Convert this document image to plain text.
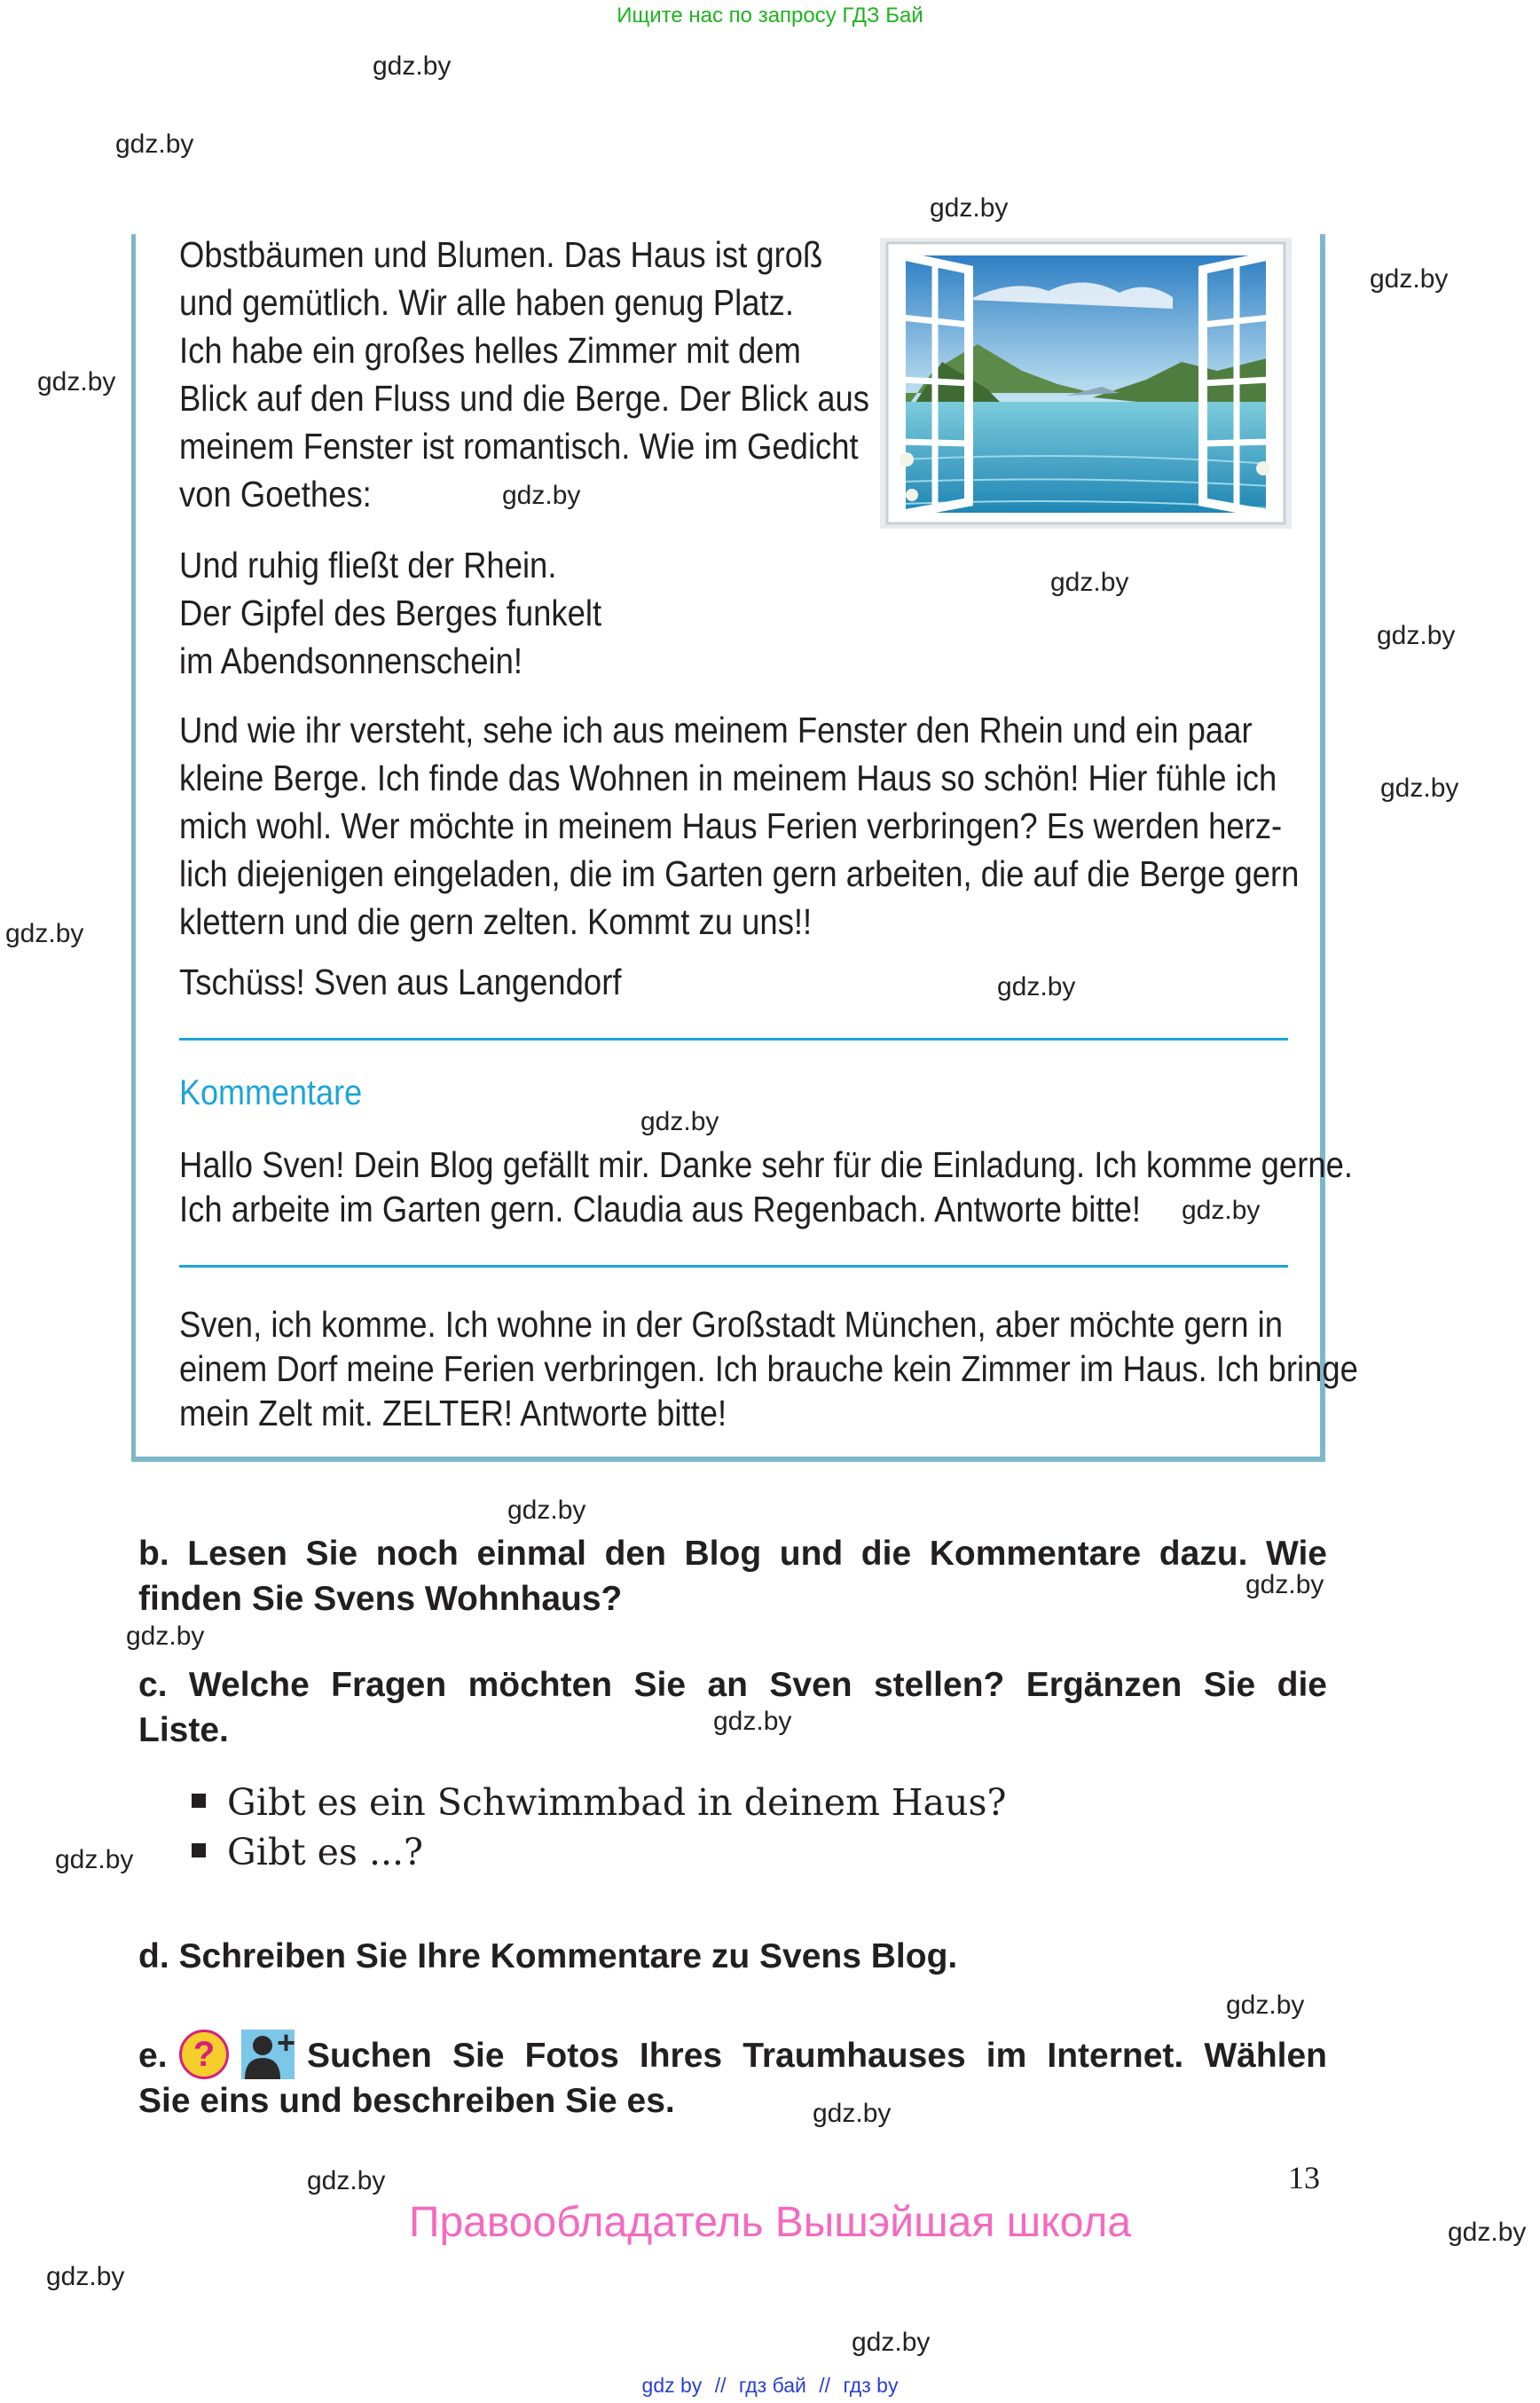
Ищите нас по запросу ГДЗ Бай
gdz.by
gdz.by
gdz.by
gdz.by
gdz.by
gdz.by
gdz.by
gdz.by
gdz.by
gdz.by
gdz.by
gdz.by
gdz.by
gdz.by
gdz.by
gdz.by
gdz.by
gdz.by
gdz.by
gdz.by
gdz.by
gdz.by
gdz.by
gdz.by
Obstbäumen und Blumen. Das Haus ist groß
und gemütlich. Wir alle haben genug Platz.
Ich habe ein großes helles Zimmer mit dem
Blick auf den Fluss und die Berge. Der Blick aus
meinem Fenster ist romantisch. Wie im Gedicht
von Goethes:
Und ruhig fließt der Rhein.
Der Gipfel des Berges funkelt
im Abendsonnenschein!
Und wie ihr versteht, sehe ich aus meinem Fenster den Rhein und ein paar
kleine Berge. Ich finde das Wohnen in meinem Haus so schön! Hier fühle ich
mich wohl. Wer möchte in meinem Haus Ferien verbringen? Es werden herz-
lich diejenigen eingeladen, die im Garten gern arbeiten, die auf die Berge gern
klettern und die gern zelten. Kommt zu uns!!
Tschüss! Sven aus Langendorf
Kommentare
Hallo Sven! Dein Blog gefällt mir. Danke sehr für die Einladung. Ich komme gerne.
Ich arbeite im Garten gern. Claudia aus Regenbach. Antworte bitte!
Sven, ich komme. Ich wohne in der Großstadt München, aber möchte gern in
einem Dorf meine Ferien verbringen. Ich brauche kein Zimmer im Haus. Ich bringe
mein Zelt mit. ZELTER! Antworte bitte!
b. Lesen Sie noch einmal den Blog und die Kommentare dazu. Wie
finden Sie Svens Wohnhaus?
c. Welche Fragen möchten Sie an Sven stellen? Ergänzen Sie die
Liste.
Gibt es ein Schwimmbad in deinem Haus?
Gibt es ...?
d. Schreiben Sie Ihre Kommentare zu Svens Blog.
e. ?	+ Suchen Sie Fotos Ihres Traumhauses im Internet. Wählen
Sie eins und beschreiben Sie es.
13
Правообладатель Вышэйшая школа
gdz by // гдз бай // гдз by
